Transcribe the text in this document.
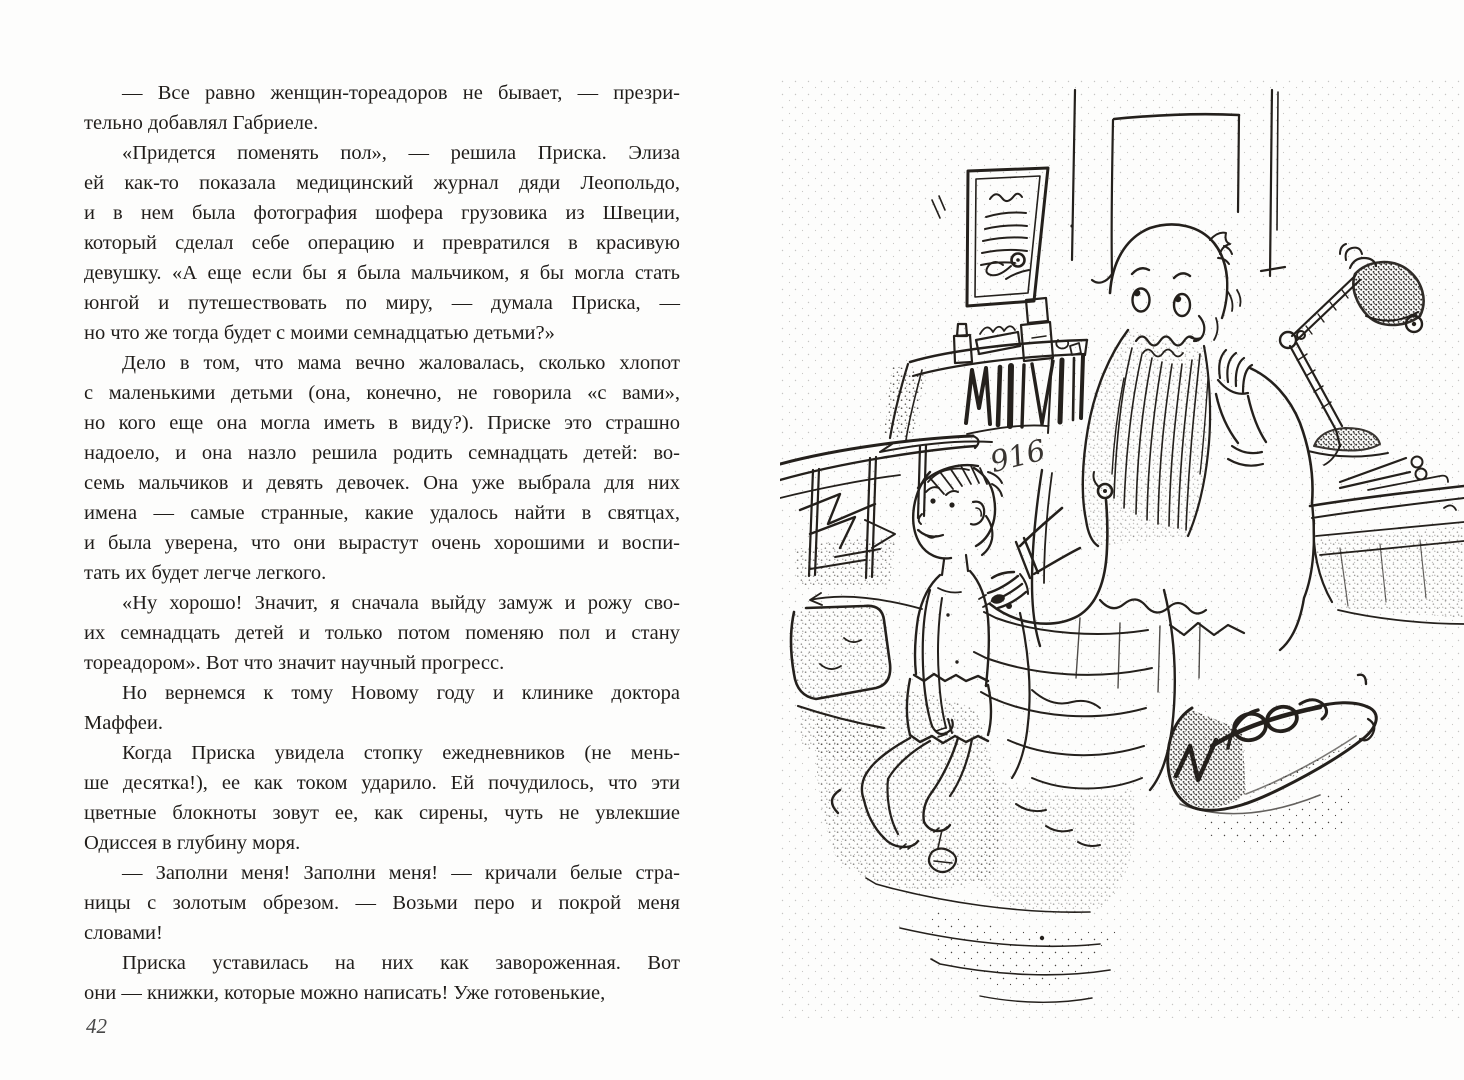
— Все равно женщин-тореадоров не бывает, — презри-
тельно добавлял Габриеле.
«Придется поменять пол», — решила Приска. Элиза
ей как-то показала медицинский журнал дяди Леопольдо,
и в нем была фотография шофера грузовика из Швеции,
который сделал себе операцию и превратился в красивую
девушку. «А еще если бы я была мальчиком, я бы могла стать
юнгой и путешествовать по миру, — думала Приска, —
но что же тогда будет с моими семнадцатью детьми?»
Дело в том, что мама вечно жаловалась, сколько хлопот
с маленькими детьми (она, конечно, не говорила «с вами»,
но кого еще она могла иметь в виду?). Приске это страшно
надоело, и она назло решила родить семнадцать детей: во-
семь мальчиков и девять девочек. Она уже выбрала для них
имена — самые странные, какие удалось найти в святцах,
и была уверена, что они вырастут очень хорошими и воспи-
тать их будет легче легкого.
«Ну хорошо! Значит, я сначала выйду замуж и рожу сво-
их семнадцать детей и только потом поменяю пол и стану
тореадором». Вот что значит научный прогресс.
Но вернемся к тому Новому году и клинике доктора
Маффеи.
Когда Приска увидела стопку ежедневников (не мень-
ше десятка!), ее как током ударило. Ей почудилось, что эти
цветные блокноты зовут ее, как сирены, чуть не увлекшие
Одиссея в глубину моря.
— Заполни меня! Заполни меня! — кричали белые стра-
ницы с золотым обрезом. — Возьми перо и покрой меня
словами!
Приска уставилась на них как завороженная. Вот
они — книжки, которые можно написать! Уже готовенькие,
42
916
